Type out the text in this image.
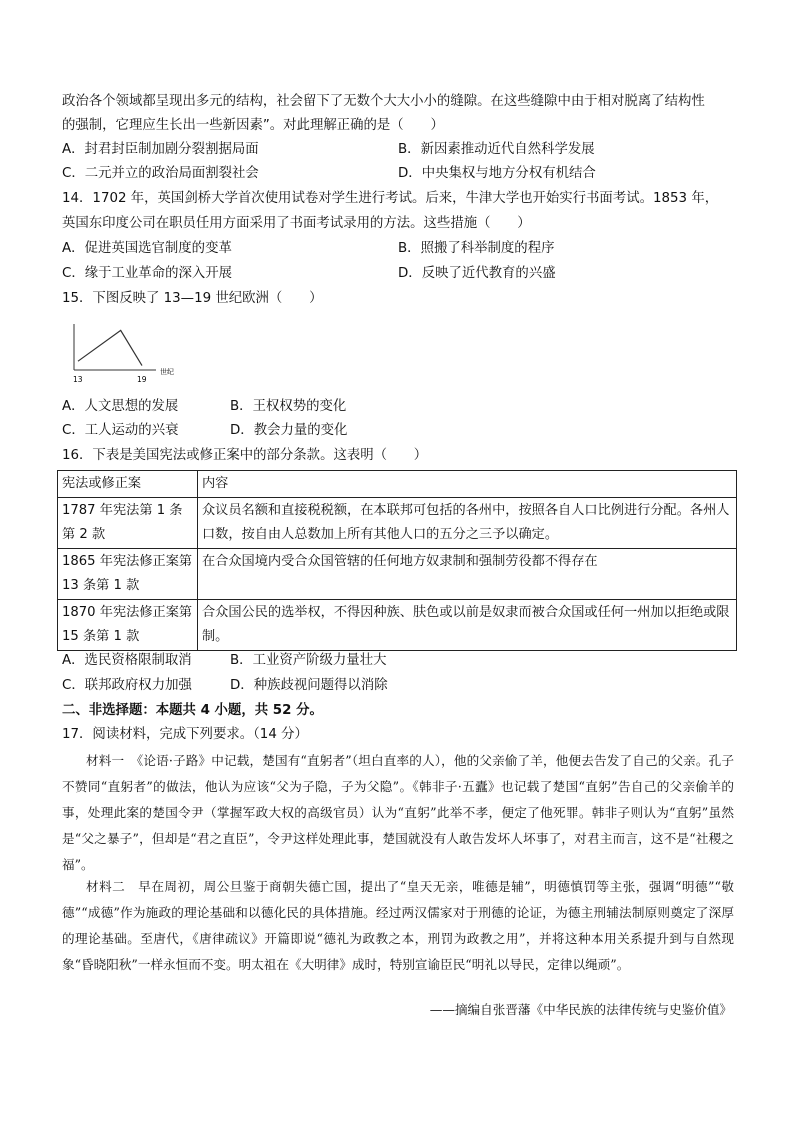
政治各个领域都呈现出多元的结构，社会留下了无数个大大小小的缝隙。在这些缝隙中由于相对脱离了结构性
的强制，它理应生长出一些新因素”。对此理解正确的是（　　）
A．封君封臣制加剧分裂割据局面	B．新因素推动近代自然科学发展
C．二元并立的政治局面割裂社会	D．中央集权与地方分权有机结合
14．1702 年，英国剑桥大学首次使用试卷对学生进行考试。后来，牛津大学也开始实行书面考试。1853 年，
英国东印度公司在职员任用方面采用了书面考试录用的方法。这些措施（　　）
A．促进英国选官制度的变革	B．照搬了科举制度的程序
C．缘于工业革命的深入开展	D．反映了近代教育的兴盛
15．下图反映了 13—19 世纪欧洲（　　）
13	19
世纪
A．人文思想的发展	B．王权权势的变化
C．工人运动的兴衰	D．教会力量的变化
16．下表是美国宪法或修正案中的部分条款。这表明（　　）
宪法或修正案	内容
1787 年宪法第 1 条第 2 款	众议员名额和直接税税额，在本联邦可包括的各州中，按照各自人口比例进行分配。各州人口数，按自由人总数加上所有其他人口的五分之三予以确定。
1865 年宪法修正案第 13 条第 1 款	在合众国境内受合众国管辖的任何地方奴隶制和强制劳役都不得存在
1870 年宪法修正案第 15 条第 1 款	合众国公民的选举权，不得因种族、肤色或以前是奴隶而被合众国或任何一州加以拒绝或限制。
A．选民资格限制取消	B．工业资产阶级力量壮大
C．联邦政府权力加强	D．种族歧视问题得以消除
二、非选择题：本题共 4 小题，共 52 分。
17．阅读材料，完成下列要求。（14 分）
材料一　《论语·子路》中记载，楚国有“直躬者”（坦白直率的人），他的父亲偷了羊，他便去告发了自己的父亲。孔子不赞同“直躬者”的做法，他认为应该“父为子隐，子为父隐”。《韩非子·五蠹》也记载了楚国“直躬”告自己的父亲偷羊的事，处理此案的楚国令尹（掌握军政大权的高级官员）认为“直躬”此举不孝，便定了他死罪。韩非子则认为“直躬”虽然是“父之暴子”，但却是“君之直臣”，令尹这样处理此事，楚国就没有人敢告发坏人坏事了，对君主而言，这不是“社稷之福”。
材料二　早在周初，周公旦鉴于商朝失德亡国，提出了“皇天无亲，唯德是辅”，明德慎罚等主张，强调“明德”“敬德”“成德”作为施政的理论基础和以德化民的具体措施。经过两汉儒家对于刑德的论证，为德主刑辅法制原则奠定了深厚的理论基础。至唐代，《唐律疏议》开篇即说“德礼为政教之本，刑罚为政教之用”，并将这种本用关系提升到与自然现象“昏晓阳秋”一样永恒而不变。明太祖在《大明律》成时，特别宣谕臣民“明礼以导民，定律以绳顽”。
——摘编自张晋藩《中华民族的法律传统与史鉴价值》
